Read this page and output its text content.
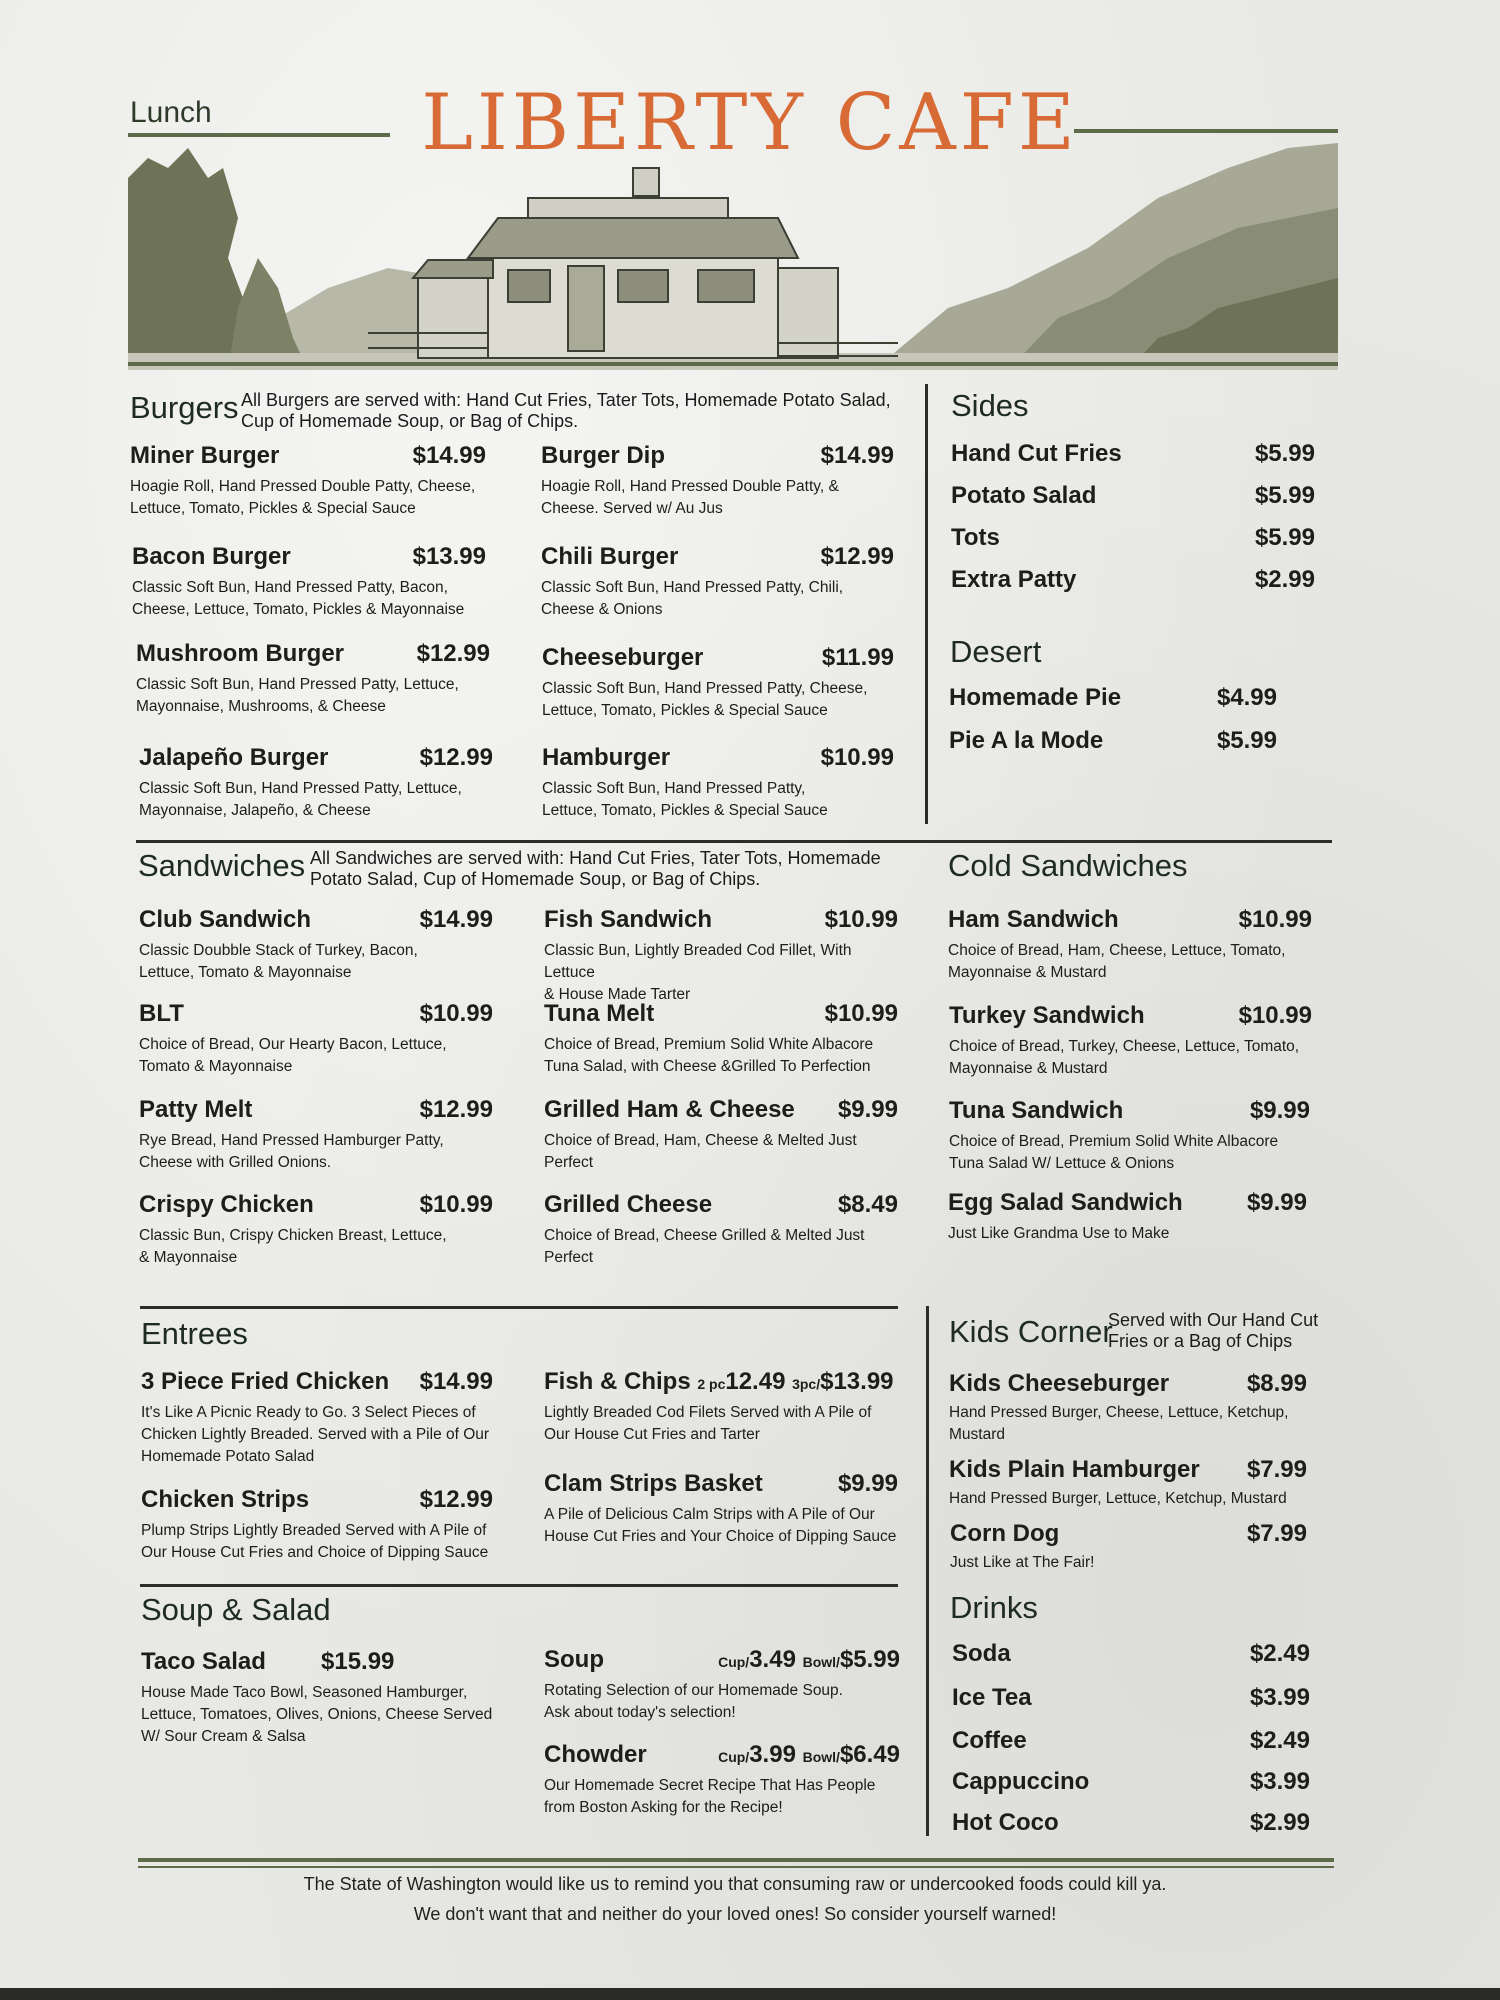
Lunch	LIBERTY CAFE
Burgers All Burgers are served with: Hand Cut Fries, Tater Tots, Homemade Potato Salad,
Cup of Homemade Soup, or Bag of Chips.
Miner Burger	$14.99
Hoagie Roll, Hand Pressed Double Patty, Cheese,
Lettuce, Tomato, Pickles & Special Sauce
Burger Dip	$14.99
Hoagie Roll, Hand Pressed Double Patty, &
Cheese. Served w/ Au Jus
Bacon Burger	$13.99
Classic Soft Bun, Hand Pressed Patty, Bacon,
Cheese, Lettuce, Tomato, Pickles & Mayonnaise
Chili Burger	$12.99
Classic Soft Bun, Hand Pressed Patty, Chili,
Cheese & Onions
Mushroom Burger	$12.99
Classic Soft Bun, Hand Pressed Patty, Lettuce,
Mayonnaise, Mushrooms, & Cheese
Cheeseburger	$11.99
Classic Soft Bun, Hand Pressed Patty, Cheese,
Lettuce, Tomato, Pickles & Special Sauce
Jalapeño Burger	$12.99
Classic Soft Bun, Hand Pressed Patty, Lettuce,
Mayonnaise, Jalapeño, & Cheese
Hamburger	$10.99
Classic Soft Bun, Hand Pressed Patty,
Lettuce, Tomato, Pickles & Special Sauce
Sides
Hand Cut Fries	$5.99
Potato Salad	$5.99
Tots	$5.99
Extra Patty	$2.99
Desert
Homemade Pie	$4.99
Pie A la Mode	$5.99
Sandwiches All Sandwiches are served with: Hand Cut Fries, Tater Tots, Homemade
Potato Salad, Cup of Homemade Soup, or Bag of Chips.
Club Sandwich	$14.99
Classic Doubble Stack of Turkey, Bacon,
Lettuce, Tomato & Mayonnaise
Fish Sandwich	$10.99
Classic Bun, Lightly Breaded Cod Fillet, With Lettuce
& House Made Tarter
BLT	$10.99
Choice of Bread, Our Hearty Bacon, Lettuce,
Tomato & Mayonnaise
Tuna Melt	$10.99
Choice of Bread, Premium Solid White Albacore
Tuna Salad, with Cheese &Grilled To Perfection
Patty Melt	$12.99
Rye Bread, Hand Pressed Hamburger Patty,
Cheese with Grilled Onions.
Grilled Ham & Cheese $9.99
Choice of Bread, Ham, Cheese & Melted Just
Perfect
Crispy Chicken	$10.99
Classic Bun, Crispy Chicken Breast, Lettuce,
& Mayonnaise
Grilled Cheese	$8.49
Choice of Bread, Cheese Grilled & Melted Just
Perfect
Cold Sandwiches
Ham Sandwich	$10.99
Choice of Bread, Ham, Cheese, Lettuce, Tomato,
Mayonnaise & Mustard
Turkey Sandwich	$10.99
Choice of Bread, Turkey, Cheese, Lettuce, Tomato,
Mayonnaise & Mustard
Tuna Sandwich	$9.99
Choice of Bread, Premium Solid White Albacore
Tuna Salad W/ Lettuce & Onions
Egg Salad Sandwich	$9.99
Just Like Grandma Use to Make
Entrees
3 Piece Fried Chicken $14.99
It's Like A Picnic Ready to Go. 3 Select Pieces of
Chicken Lightly Breaded. Served with a Pile of Our
Homemade Potato Salad
Fish & Chips 2 pc12.49 3pc/$13.99
Lightly Breaded Cod Filets Served with A Pile of
Our House Cut Fries and Tarter
Chicken Strips	$12.99
Plump Strips Lightly Breaded Served with A Pile of
Our House Cut Fries and Choice of Dipping Sauce
Clam Strips Basket	$9.99
A Pile of Delicious Calm Strips with A Pile of Our
House Cut Fries and Your Choice of Dipping Sauce
Soup & Salad
Taco Salad $15.99
House Made Taco Bowl, Seasoned Hamburger,
Lettuce, Tomatoes, Olives, Onions, Cheese Served
W/ Sour Cream & Salsa
Soup	Cup/3.49 Bowl/$5.99
Rotating Selection of our Homemade Soup.
Ask about today's selection!
Chowder	Cup/3.99 Bowl/$6.49
Our Homemade Secret Recipe That Has People
from Boston Asking for the Recipe!
Kids Corner
Served with Our Hand Cut
Fries or a Bag of Chips
Kids Cheeseburger	$8.99
Hand Pressed Burger, Cheese, Lettuce, Ketchup,
Mustard
Kids Plain Hamburger $7.99
Hand Pressed Burger, Lettuce, Ketchup, Mustard
Corn Dog	$7.99
Just Like at The Fair!
Drinks
Soda	$2.49
Ice Tea	$3.99
Coffee	$2.49
Cappuccino	$3.99
Hot Coco	$2.99
The State of Washington would like us to remind you that consuming raw or undercooked foods could kill ya.
We don't want that and neither do your loved ones! So consider yourself warned!
